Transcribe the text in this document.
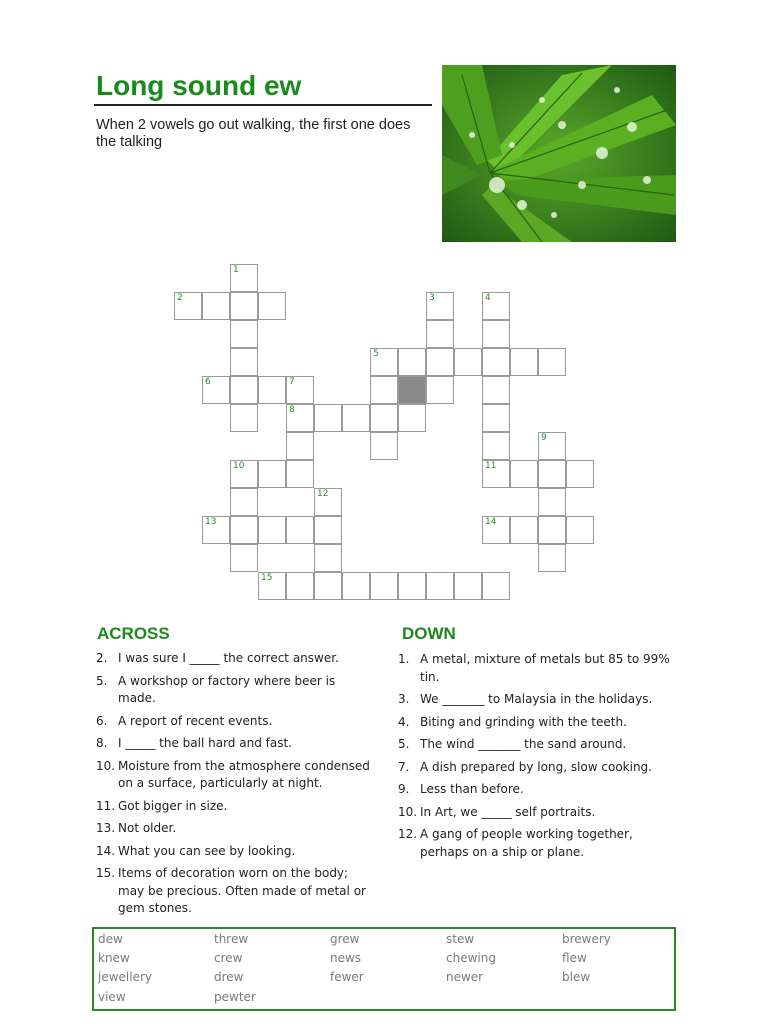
Long sound ew

When 2 vowels go out walking, the first one does the talking

1
2	3	4
5
6	7
8
9
10	11
12
13	14
15
ACROSS	DOWN
2. I was sure I _____ the correct answer.
5. A workshop or factory where beer is made.
6. A report of recent events.
8. I _____ the ball hard and fast.
10. Moisture from the atmosphere condensed on a surface, particularly at night.
11. Got bigger in size.
13. Not older.
14. What you can see by looking.
15. Items of decoration worn on the body; may be precious. Often made of metal or gem stones.
1. A metal, mixture of metals but 85 to 99% tin.
3. We _______ to Malaysia in the holidays.
4. Biting and grinding with the teeth.
5. The wind _______ the sand around.
7. A dish prepared by long, slow cooking.
9. Less than before.
10. In Art, we _____ self portraits.
12. A gang of people working together, perhaps on a ship or plane.
dew	threw	grew	stew	brewery
knew	crew	news	chewing	flew
jewellery	drew	fewer	newer	blew
view	pewter
